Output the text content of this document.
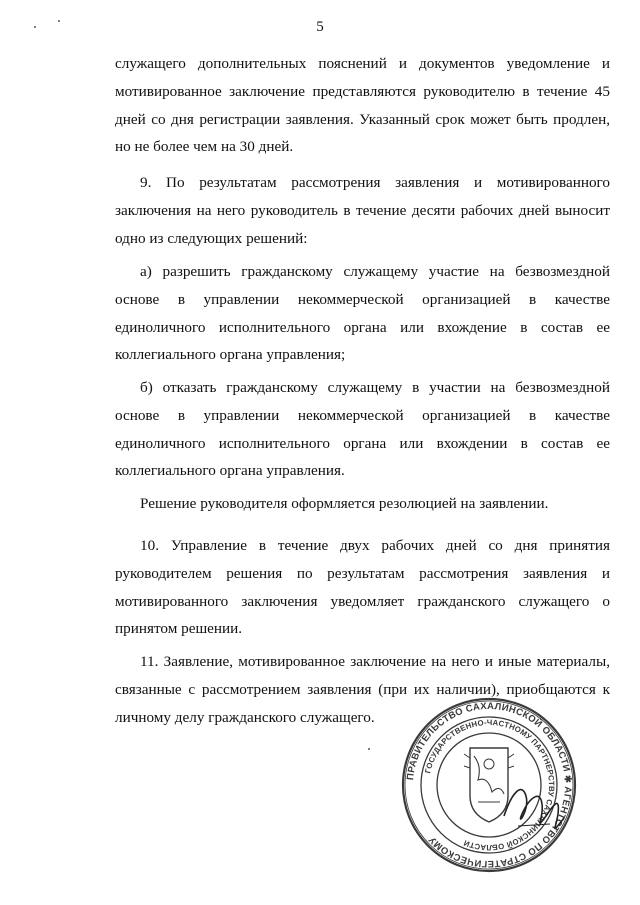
5

служащего дополнительных пояснений и документов уведомление и мотивированное заключение представляются руководителю в течение 45 дней со дня регистрации заявления. Указанный срок может быть продлен, но не более чем на 30 дней.

9. По результатам рассмотрения заявления и мотивированного заключения на него руководитель в течение десяти рабочих дней выносит одно из следующих решений:

а) разрешить гражданскому служащему участие на безвозмездной основе в управлении некоммерческой организацией в качестве единоличного исполнительного органа или вхождение в состав ее коллегиального органа управления;

б) отказать гражданскому служащему в участии на безвозмездной основе в управлении некоммерческой организацией в качестве единоличного исполнительного органа или вхождении в состав ее коллегиального органа управления.

Решение руководителя оформляется резолюцией на заявлении.

10. Управление в течение двух рабочих дней со дня принятия руководителем решения по результатам рассмотрения заявления и мотивированного заключения уведомляет гражданского служащего о принятом решении.

11. Заявление, мотивированное заключение на него и иные материалы, связанные с рассмотрением заявления (при их наличии), приобщаются к личному делу гражданского служащего.

ПРАВИТЕЛЬСТВО САХАЛИНСКОЙ ОБЛАСТИ ✱ АГЕНТСТВО ПО СТРАТЕГИЧЕСКОМУ
ГОСУДАРСТВЕННО-ЧАСТНОМУ ПАРТНЕРСТВУ САХАЛИНСКОЙ ОБЛАСТИ
